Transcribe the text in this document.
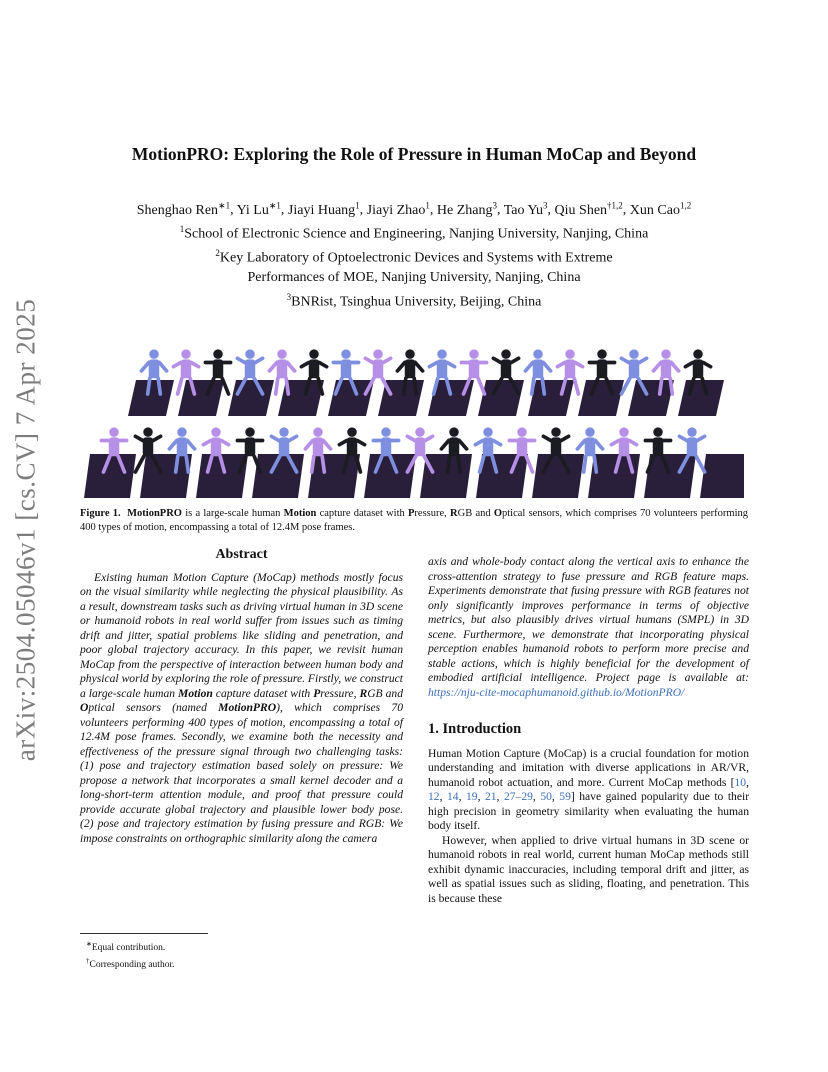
arXiv:2504.05046v1 [cs.CV] 7 Apr 2025
MotionPRO: Exploring the Role of Pressure in Human MoCap and Beyond
Shenghao Ren$^{∗1}$, Yi $Lu^{∗1}$, Jiayi Huang$^1$, Jiayi Zhao$^1$, He Zhang$^3$, Tao Yu$^3$, Qiu Shen$^{\dagger 1,2}$, Xun Cao$^{1,2}$
$^1$School of Electronic Science and Engineering, Nanjing University, Nanjing, China
$^2$Key Laboratory of Optoelectronic Devices and Systems with Extreme
Performances of MOE, Nanjing University, Nanjing, China
$^3$BNRist, Tsinghua University, Beijing, China
Figure 1. MotionPRO is a large-scale human Motion capture dataset with Pressure, RGB and Optical sensors, which comprises 70 volunteers performing 400 types of motion, encompassing a total of 12.4M pose frames.
Abstract

Existing human Motion Capture (MoCap) methods mostly focus on the visual similarity while neglecting the physical plausibility. As a result, downstream tasks such as driving virtual human in 3D scene or humanoid robots in real world suffer from issues such as timing drift and jitter, spatial problems like sliding and penetration, and poor global trajectory accuracy. In this paper, we revisit human MoCap from the perspective of interaction between human body and physical world by exploring the role of pressure. Firstly, we construct a large-scale human Motion capture dataset with Pressure, RGB and Optical sensors (named MotionPRO), which comprises 70 volunteers performing 400 types of motion, encompassing a total of 12.4M pose frames. Secondly, we examine both the necessity and effectiveness of the pressure signal through two challenging tasks: (1) pose and trajectory estimation based solely on pressure: We propose a network that incorporates a small kernel decoder and a long-short-term attention module, and proof that pressure could provide accurate global trajectory and plausible lower body pose. (2) pose and trajectory estimation by fusing pressure and RGB: We impose constraints on orthographic similarity along the camera

axis and whole-body contact along the vertical axis to enhance the cross-attention strategy to fuse pressure and RGB feature maps. Experiments demonstrate that fusing pressure with RGB features not only significantly improves performance in terms of objective metrics, but also plausibly drives virtual humans (SMPL) in 3D scene. Furthermore, we demonstrate that incorporating physical perception enables humanoid robots to perform more precise and stable actions, which is highly beneficial for the development of embodied artificial intelligence. Project page is available at: https://nju-cite-mocaphumanoid.github.io/MotionPRO/

1. Introduction

Human Motion Capture (MoCap) is a crucial foundation for motion understanding and imitation with diverse applications in AR/VR, humanoid robot actuation, and more. Current MoCap methods [10, 12, 14, 19, 21, 27–29, 50, 59] have gained popularity due to their high precision in geometry similarity when evaluating the human body itself.

However, when applied to drive virtual humans in 3D scene or humanoid robots in real world, current human MoCap methods still exhibit dynamic inaccuracies, including temporal drift and jitter, as well as spatial issues such as sliding, floating, and penetration. This is because these

∗Equal contribution.
†Corresponding author.
